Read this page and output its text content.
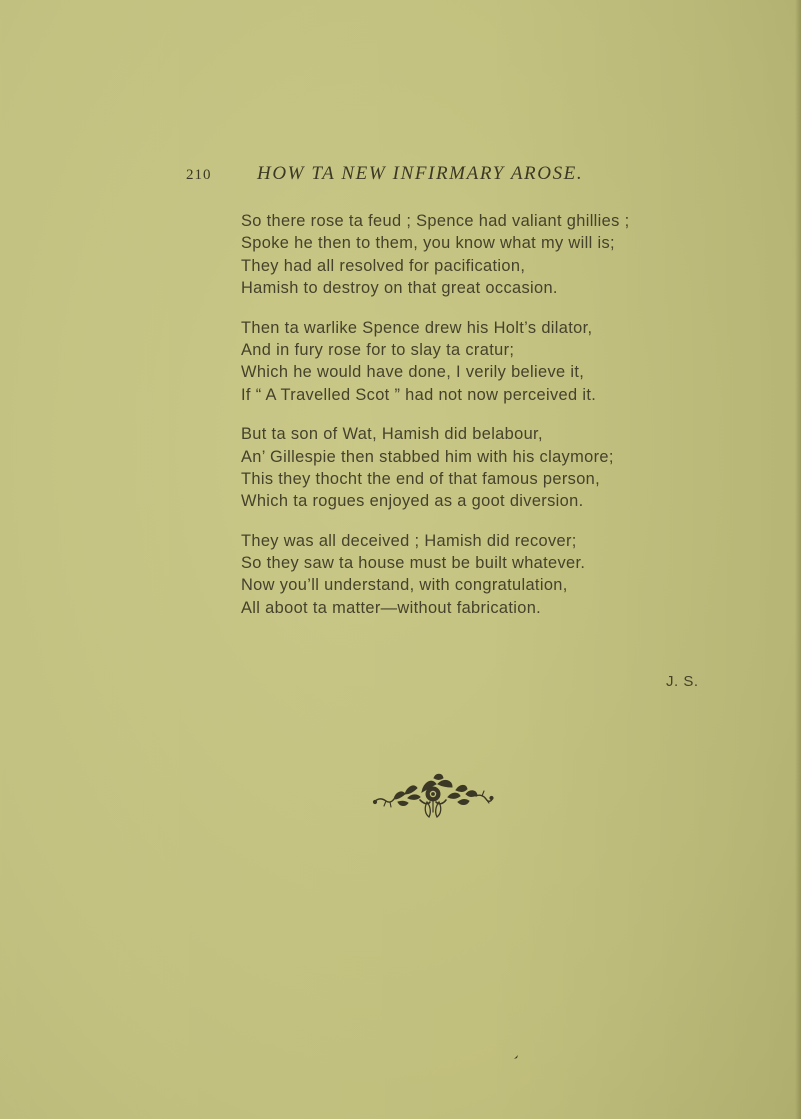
210 HOW TA NEW INFIRMARY AROSE.
So there rose ta feud ; Spence had valiant ghillies ;
Spoke he then to them, you know what my will is;
They had all resolved for pacification,
Hamish to destroy on that great occasion.
Then ta warlike Spence drew his Holt’s dilator,
And in fury rose for to slay ta cratur;
Which he would have done, I verily believe it,
If “ A Travelled Scot ” had not now perceived it.
But ta son of Wat, Hamish did belabour,
An’ Gillespie then stabbed him with his claymore;
This they thocht the end of that famous person,
Which ta rogues enjoyed as a goot diversion.
They was all deceived ; Hamish did recover;
So they saw ta house must be built whatever.
Now you’ll understand, with congratulation,
All aboot ta matter—without fabrication.
J. S.
